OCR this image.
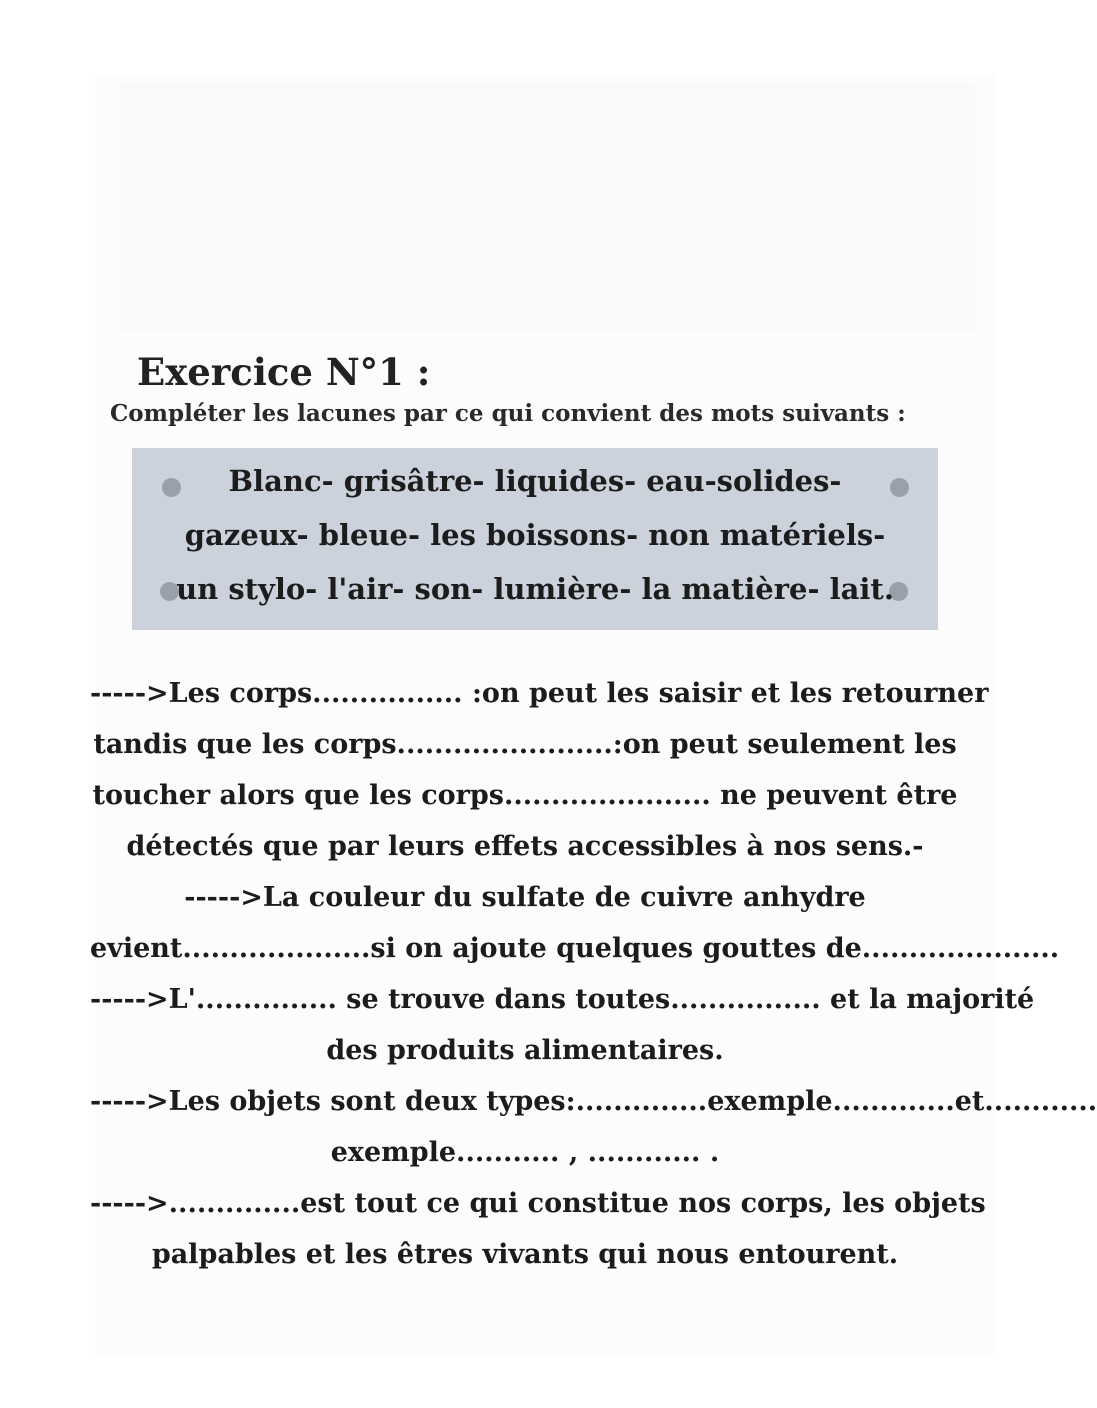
Exercice N°1 :

Compléter les lacunes par ce qui convient des mots suivants :

Blanc- grisâtre- liquides- eau-solides-
gazeux- bleue- les boissons- non matériels-
un stylo- l'air- son- lumière- la matière- lait.
----->Les corps................ :on peut les saisir et les retourner
tandis que les corps.......................:on peut seulement les
toucher alors que les corps...................... ne peuvent être
détectés que par leurs effets accessibles à nos sens.-
----->La couleur du sulfate de cuivre anhydre
evient....................si on ajoute quelques gouttes de.....................
----->L'............... se trouve dans toutes................ et la majorité
des produits alimentaires.
----->Les objets sont deux types:..............exemple.............et............
exemple........... , ............ .
----->..............est tout ce qui constitue nos corps, les objets
palpables et les êtres vivants qui nous entourent.
